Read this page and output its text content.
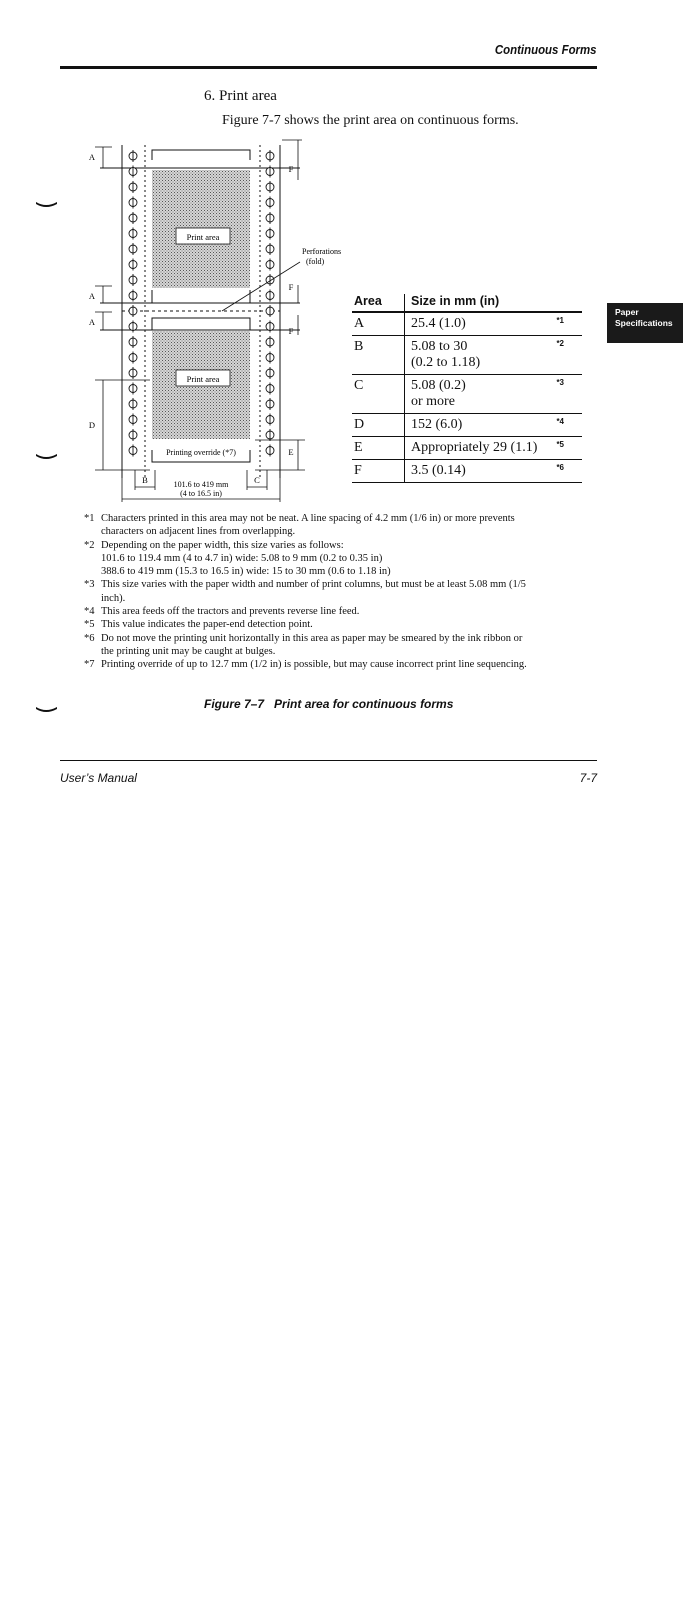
Continuous Forms
6. Print area
Figure 7-7 shows the print area on continuous forms.
Paper
Specifications
Print area
Print area
Printing override (*7)
Perforations
(fold)
A
A
A
D
F
F
F
E
B	C
101.6 to 419 mm
(4 to 16.5 in)
Area	Size in mm (in)
A	25.4 (1.0) *1

B	5.08 to 30
(0.2 to 1.18)
*2

C	5.08 (0.2)
or more
*3

D	152 (6.0) *4

E	Appropriately 29 (1.1) *5

F	3.5 (0.14) *6
*1 Characters printed in this area may not be neat. A line spacing of 4.2 mm (1/6 in) or more prevents
characters on adjacent lines from overlapping.
*2 Depending on the paper width, this size varies as follows:
101.6 to 119.4 mm (4 to 4.7 in) wide: 5.08 to 9 mm (0.2 to 0.35 in)
388.6 to 419 mm (15.3 to 16.5 in) wide: 15 to 30 mm (0.6 to 1.18 in)
*3 This size varies with the paper width and number of print columns, but must be at least 5.08 mm (1/5
inch).
*4 This area feeds off the tractors and prevents reverse line feed.
*5 This value indicates the paper-end detection point.
*6 Do not move the printing unit horizontally in this area as paper may be smeared by the ink ribbon or
the printing unit may be caught at bulges.
*7 Printing override of up to 12.7 mm (1/2 in) is possible, but may cause incorrect print line sequencing.
Figure 7–7 Print area for continuous forms
User’s Manual	7-7
